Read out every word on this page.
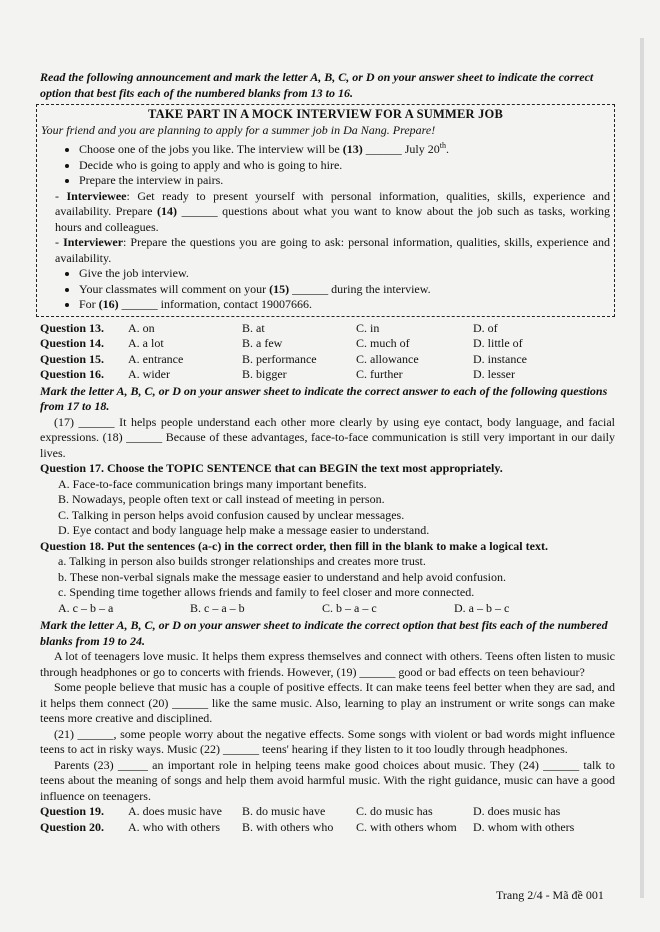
Read the following announcement and mark the letter A, B, C, or D on your answer sheet to indicate the correct option that best fits each of the numbered blanks from 13 to 16.

TAKE PART IN A MOCK INTERVIEW FOR A SUMMER JOB

Your friend and you are planning to apply for a summer job in Da Nang. Prepare!

• Choose one of the jobs you like. The interview will be (13) ______ July 20th.
• Decide who is going to apply and who is going to hire.
• Prepare the interview in pairs.

- Interviewee: Get ready to present yourself with personal information, qualities, skills, experience and availability. Prepare (14) ______ questions about what you want to know about the job such as tasks, working hours and colleagues.

- Interviewer: Prepare the questions you are going to ask: personal information, qualities, skills, experience and availability.

• Give the job interview.
• Your classmates will comment on your (15) ______ during the interview.
• For (16) ______ information, contact 19007666.
Question 13.	A. on	B. at	C. in	D. of
Question 14.	A. a lot	B. a few	C. much of	D. little of
Question 15.	A. entrance	B. performance	C. allowance	D. instance
Question 16.	A. wider	B. bigger	C. further	D. lesser

Mark the letter A, B, C, or D on your answer sheet to indicate the correct answer to each of the following questions from 17 to 18.

(17) ______ It helps people understand each other more clearly by using eye contact, body language, and facial expressions. (18) ______ Because of these advantages, face-to-face communication is still very important in our daily lives.

Question 17. Choose the TOPIC SENTENCE that can BEGIN the text most appropriately.

A. Face-to-face communication brings many important benefits.

B. Nowadays, people often text or call instead of meeting in person.

C. Talking in person helps avoid confusion caused by unclear messages.

D. Eye contact and body language help make a message easier to understand.

Question 18. Put the sentences (a-c) in the correct order, then fill in the blank to make a logical text.

a. Talking in person also builds stronger relationships and creates more trust.

b. These non-verbal signals make the message easier to understand and help avoid confusion.

c. Spending time together allows friends and family to feel closer and more connected.

A. c – b – a	B. c – a – b	C. b – a – c	D. a – b – c

Mark the letter A, B, C, or D on your answer sheet to indicate the correct option that best fits each of the numbered blanks from 19 to 24.

A lot of teenagers love music. It helps them express themselves and connect with others. Teens often listen to music through headphones or go to concerts with friends. However, (19) ______ good or bad effects on teen behaviour?

Some people believe that music has a couple of positive effects. It can make teens feel better when they are sad, and it helps them connect (20) ______ like the same music. Also, learning to play an instrument or write songs can make teens more creative and disciplined.

(21) ______, some people worry about the negative effects. Some songs with violent or bad words might influence teens to act in risky ways. Music (22) ______ teens' hearing if they listen to it too loudly through headphones.

Parents (23) _____ an important role in helping teens make good choices about music. They (24) ______ talk to teens about the meaning of songs and help them avoid harmful music. With the right guidance, music can have a good influence on teenagers.

Question 19.	A. does music have	B. do music have	C. do music has	D. does music has
Question 20.	A. who with others	B. with others who	C. with others whom	D. whom with others
Trang 2/4 - Mã đề 001
